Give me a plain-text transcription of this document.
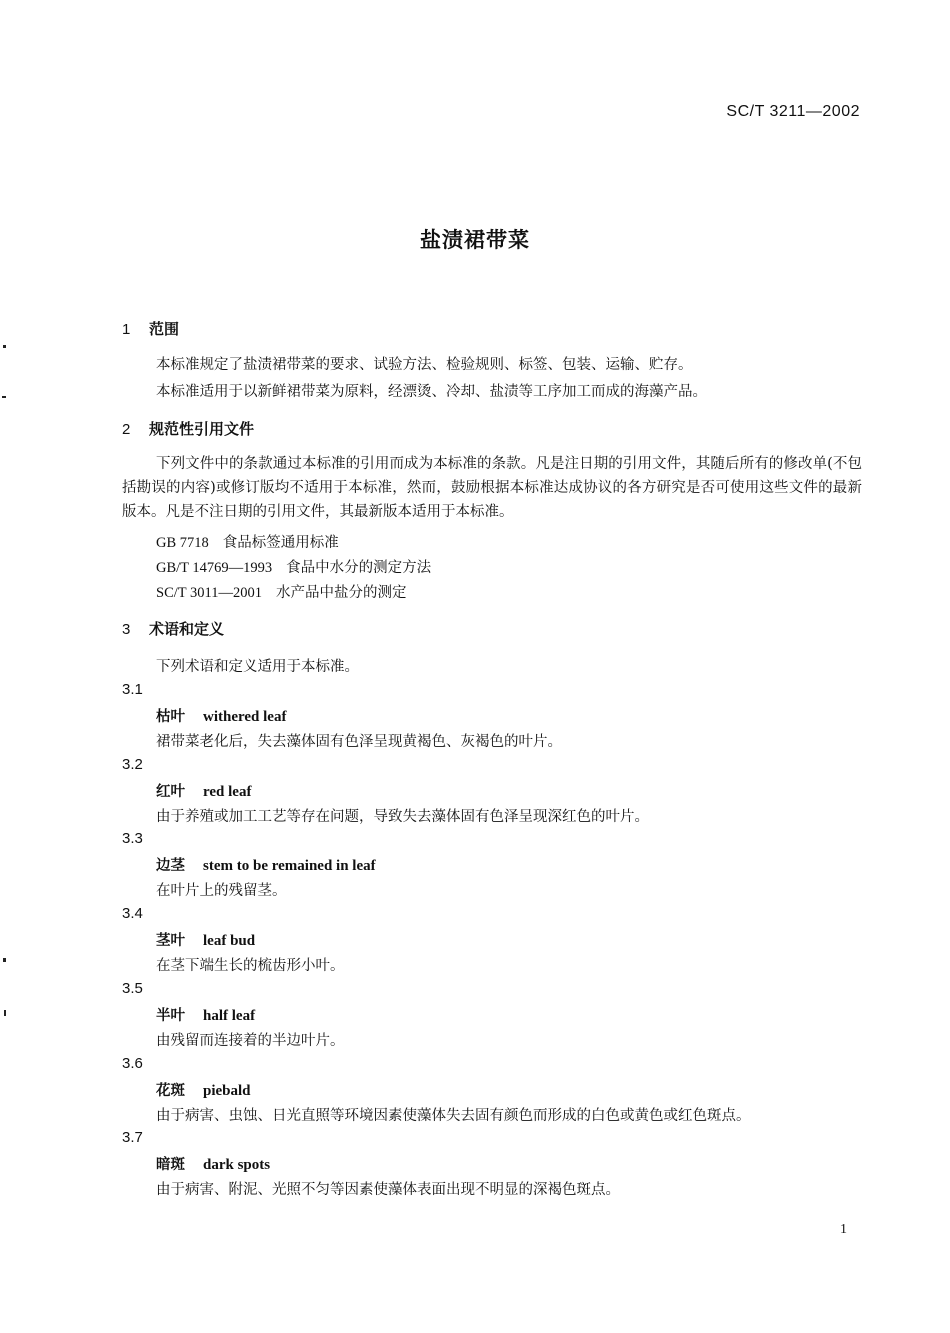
SC/T 3211—2002
盐渍裙带菜
1 范围
本标准规定了盐渍裙带菜的要求、试验方法、检验规则、标签、包装、运输、贮存。
本标准适用于以新鲜裙带菜为原料，经漂烫、冷却、盐渍等工序加工而成的海藻产品。
2 规范性引用文件
下列文件中的条款通过本标准的引用而成为本标准的条款。凡是注日期的引用文件，其随后所有的修改单(不包括勘误的内容)或修订版均不适用于本标准，然而，鼓励根据本标准达成协议的各方研究是否可使用这些文件的最新版本。凡是不注日期的引用文件，其最新版本适用于本标准。
GB 7718 食品标签通用标准
GB/T 14769—1993 食品中水分的测定方法
SC/T 3011—2001 水产品中盐分的测定
3 术语和定义
下列术语和定义适用于本标准。
3.1
枯叶 withered leaf
裙带菜老化后，失去藻体固有色泽呈现黄褐色、灰褐色的叶片。
3.2
红叶 red leaf
由于养殖或加工工艺等存在问题，导致失去藻体固有色泽呈现深红色的叶片。
3.3
边茎 stem to be remained in leaf
在叶片上的残留茎。
3.4
茎叶 leaf bud
在茎下端生长的梳齿形小叶。
3.5
半叶 half leaf
由残留而连接着的半边叶片。
3.6
花斑 piebald
由于病害、虫蚀、日光直照等环境因素使藻体失去固有颜色而形成的白色或黄色或红色斑点。
3.7
暗斑 dark spots
由于病害、附泥、光照不匀等因素使藻体表面出现不明显的深褐色斑点。
1
